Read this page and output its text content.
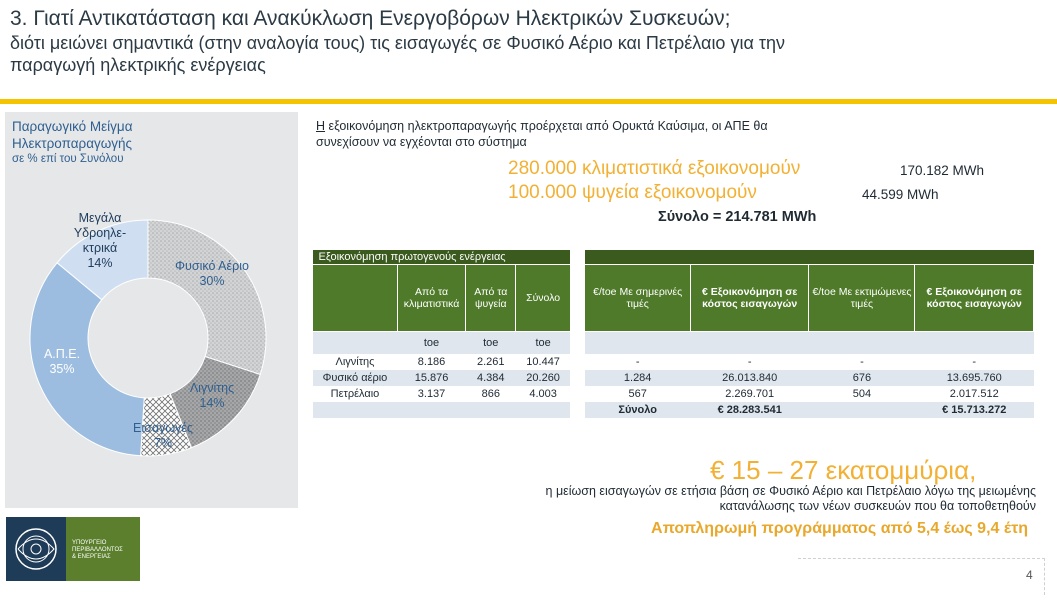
3. Γιατί Αντικατάσταση και Ανακύκλωση Ενεργοβόρων Ηλεκτρικών Συσκευών;
διότι μειώνει σημαντικά (στην αναλογία τους) τις εισαγωγές σε Φυσικό Αέριο και Πετρέλαιο για την
παραγωγή ηλεκτρικής ενέργειας
Παραγωγικό Μείγμα
Ηλεκτροπαραγωγής
σε % επί του Συνόλου
Φυσικό Αέριο 30%
Λιγνίτης 14%
Εισαγωγές 7%
Α.Π.Ε. 35%
Μεγάλα Υδροηλε-κτρικά 14%
Η εξοικονόμηση ηλεκτροπαραγωγής προέρχεται από Ορυκτά Καύσιμα, οι ΑΠΕ θα
συνεχίσουν να εγχέονται στο σύστημα
280.000 κλιματιστικά εξοικονομούν	170.182 MWh
100.000 ψυγεία εξοικονομούν	44.599 MWh
Σύνολο = 214.781 MWh
Εξοικονόμηση πρωτογενούς ενέργειας								
	Από τα κλιματιστικά	Από τα ψυγεία	Σύνολο		€/toe Με σημερινές τιμές	€ Εξοικονόμηση σε κόστος εισαγωγών	€/toe Με εκτιμώμενες τιμές	€ Εξοικονόμηση σε κόστος εισαγωγών
	toe	toe	toe					
Λιγνίτης	8.186	2.261	10.447		-	-	-	-
Φυσικό αέριο	15.876	4.384	20.260		1.284	26.013.840	676	13.695.760
Πετρέλαιο	3.137	866	4.003		567	2.269.701	504	2.017.512
					Σύνολο	€ 28.283.541		€ 15.713.272
€ 15 – 27 εκατομμύρια,
η μείωση εισαγωγών σε ετήσια βάση σε Φυσικό Αέριο και Πετρέλαιο λόγω της μειωμένης
κατανάλωσης των νέων συσκευών που θα τοποθετηθούν
Αποπληρωμή προγράμματος από 5,4 έως 9,4 έτη
ΥΠΟΥΡΓΕΙΟ
ΠΕΡΙΒΑΛΛΟΝΤΟΣ
& ΕΝΕΡΓΕΙΑΣ
4
